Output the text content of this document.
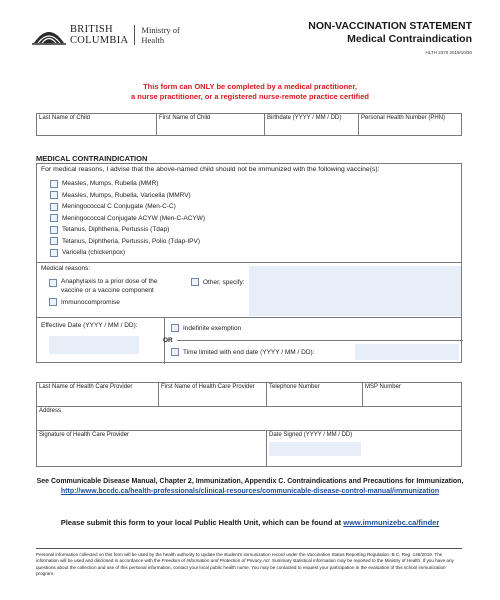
BRITISH
COLUMBIA
Ministry of
Health
NON-VACCINATION STATEMENT
Medical Contraindication
HLTH 2370 2019/10/30
This form can ONLY be completed by a medical practitioner,
a nurse practitioner, or a registered nurse-remote practice certified
Last Name of Child	First Name of Child	Birthdate (YYYY / MM / DD)	Personal Health Number (PHN)
MEDICAL CONTRAINDICATION
For medical reasons, I advise that the above-named child should not be immunized with the following vaccine(s):
Measles, Mumps, Rubella (MMR)
Measles, Mumps, Rubella, Varicella (MMRV)
Meningococcal C Conjugate (Men-C-C)
Meningococcal Conjugate ACYW (Men-C-ACYW)
Tetanus, Diphtheria, Pertussis (Tdap)
Tetanus, Diphtheria, Pertussis, Polio (Tdap-IPV)
Varicella (chickenpox)
Medical reasons:
Anaphylaxis to a prior dose of the
vaccine or a vaccine component
Immunocompromise
Other, specify:
Effective Date (YYYY / MM / DD):	Indefinite exemption
OR
Time limited with end date (YYYY / MM / DD):
Last Name of Health Care Provider	First Name of Health Care Provider	Telephone Number	MSP Number
Address			
Signature of Health Care Provider		Date Signed (YYYY / MM / DD)	
See Communicable Disease Manual, Chapter 2, Immunization, Appendix C. Contraindications and Precautions for Immunization,
http://www.bccdc.ca/health-professionals/clinical-resources/communicable-disease-control-manual/immunization
Please submit this form to your local Public Health Unit, which can be found at www.immunizebc.ca/finder
Personal information collected on this form will be used by the health authority to update the student's immunization record under the Vaccination Status Reporting Regulation, B.C. Reg. 146/2019. The information will be used and disclosed in accordance with the Freedom of Information and Protection of Privacy Act. Summary statistical information may be reported to the Ministry of Health. If you have any questions about the collection and use of this personal information, contact your local public health nurse. You may be contacted to request your participation in the evaluation of this school immunization program.
